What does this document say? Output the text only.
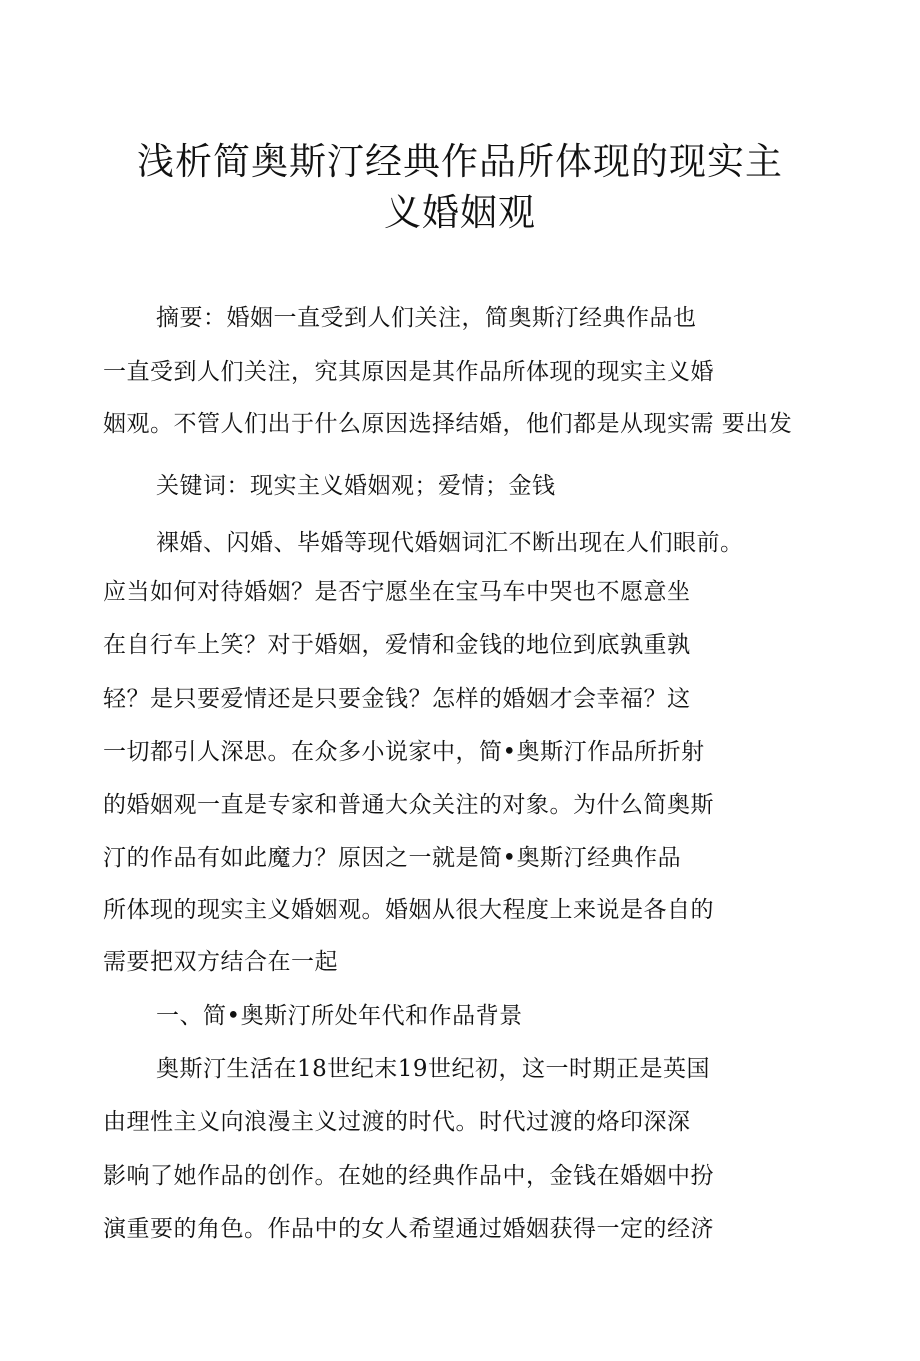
浅析简奥斯汀经典作品所体现的现实主
义婚姻观
摘要：婚姻一直受到人们关注，简奥斯汀经典作品也
一直受到人们关注，究其原因是其作品所体现的现实主义婚
姻观。不管人们出于什么原因选择结婚，他们都是从现实需 要出发
关键词：现实主义婚姻观；爱情；金钱
裸婚、闪婚、毕婚等现代婚姻词汇不断出现在人们眼前。
应当如何对待婚姻？是否宁愿坐在宝马车中哭也不愿意坐
在自行车上笑？对于婚姻，爱情和金钱的地位到底孰重孰
轻？是只要爱情还是只要金钱？怎样的婚姻才会幸福？这
一切都引人深思。在众多小说家中，简•奥斯汀作品所折射
的婚姻观一直是专家和普通大众关注的对象。为什么简奥斯
汀的作品有如此魔力？原因之一就是简•奥斯汀经典作品
所体现的现实主义婚姻观。婚姻从很大程度上来说是各自的
需要把双方结合在一起
一、简•奥斯汀所处年代和作品背景
奥斯汀生活在18世纪末19世纪初，这一时期正是英国
由理性主义向浪漫主义过渡的时代。时代过渡的烙印深深
影响了她作品的创作。在她的经典作品中，金钱在婚姻中扮
演重要的角色。作品中的女人希望通过婚姻获得一定的经济
